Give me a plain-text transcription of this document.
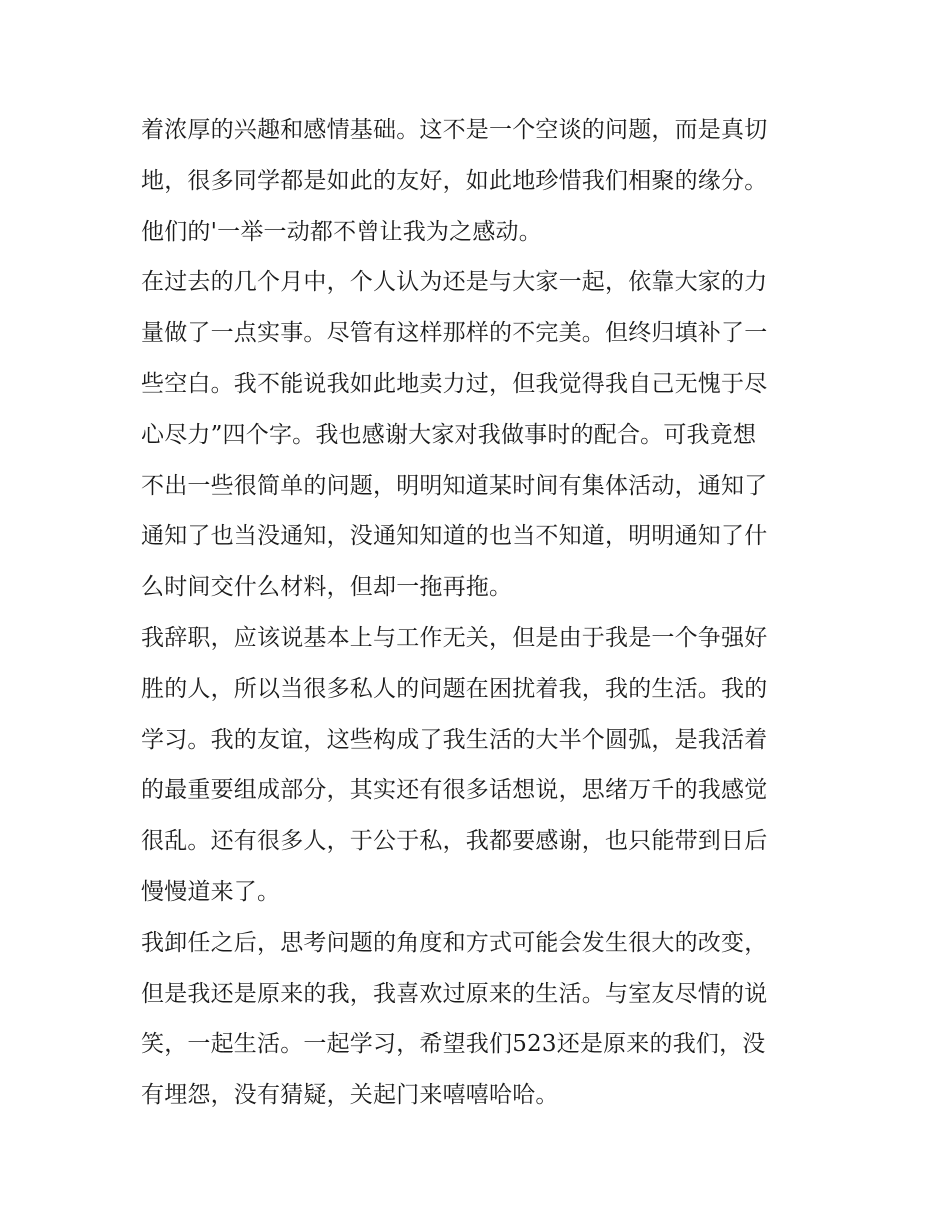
着浓厚的兴趣和感情基础。这不是一个空谈的问题，而是真切
地，很多同学都是如此的友好，如此地珍惜我们相聚的缘分。
他们的'一举一动都不曾让我为之感动。
在过去的几个月中，个人认为还是与大家一起，依靠大家的力
量做了一点实事。尽管有这样那样的不完美。但终归填补了一
些空白。我不能说我如此地卖力过，但我觉得我自己无愧于尽
心尽力”四个字。我也感谢大家对我做事时的配合。可我竟想
不出一些很简单的问题，明明知道某时间有集体活动，通知了
通知了也当没通知，没通知知道的也当不知道，明明通知了什
么时间交什么材料，但却一拖再拖。
我辞职，应该说基本上与工作无关，但是由于我是一个争强好
胜的人，所以当很多私人的问题在困扰着我，我的生活。我的
学习。我的友谊，这些构成了我生活的大半个圆弧，是我活着
的最重要组成部分，其实还有很多话想说，思绪万千的我感觉
很乱。还有很多人，于公于私，我都要感谢，也只能带到日后
慢慢道来了。
我卸任之后，思考问题的角度和方式可能会发生很大的改变，
但是我还是原来的我，我喜欢过原来的生活。与室友尽情的说
笑，一起生活。一起学习，希望我们523还是原来的我们，没
有埋怨，没有猜疑，关起门来嘻嘻哈哈。
